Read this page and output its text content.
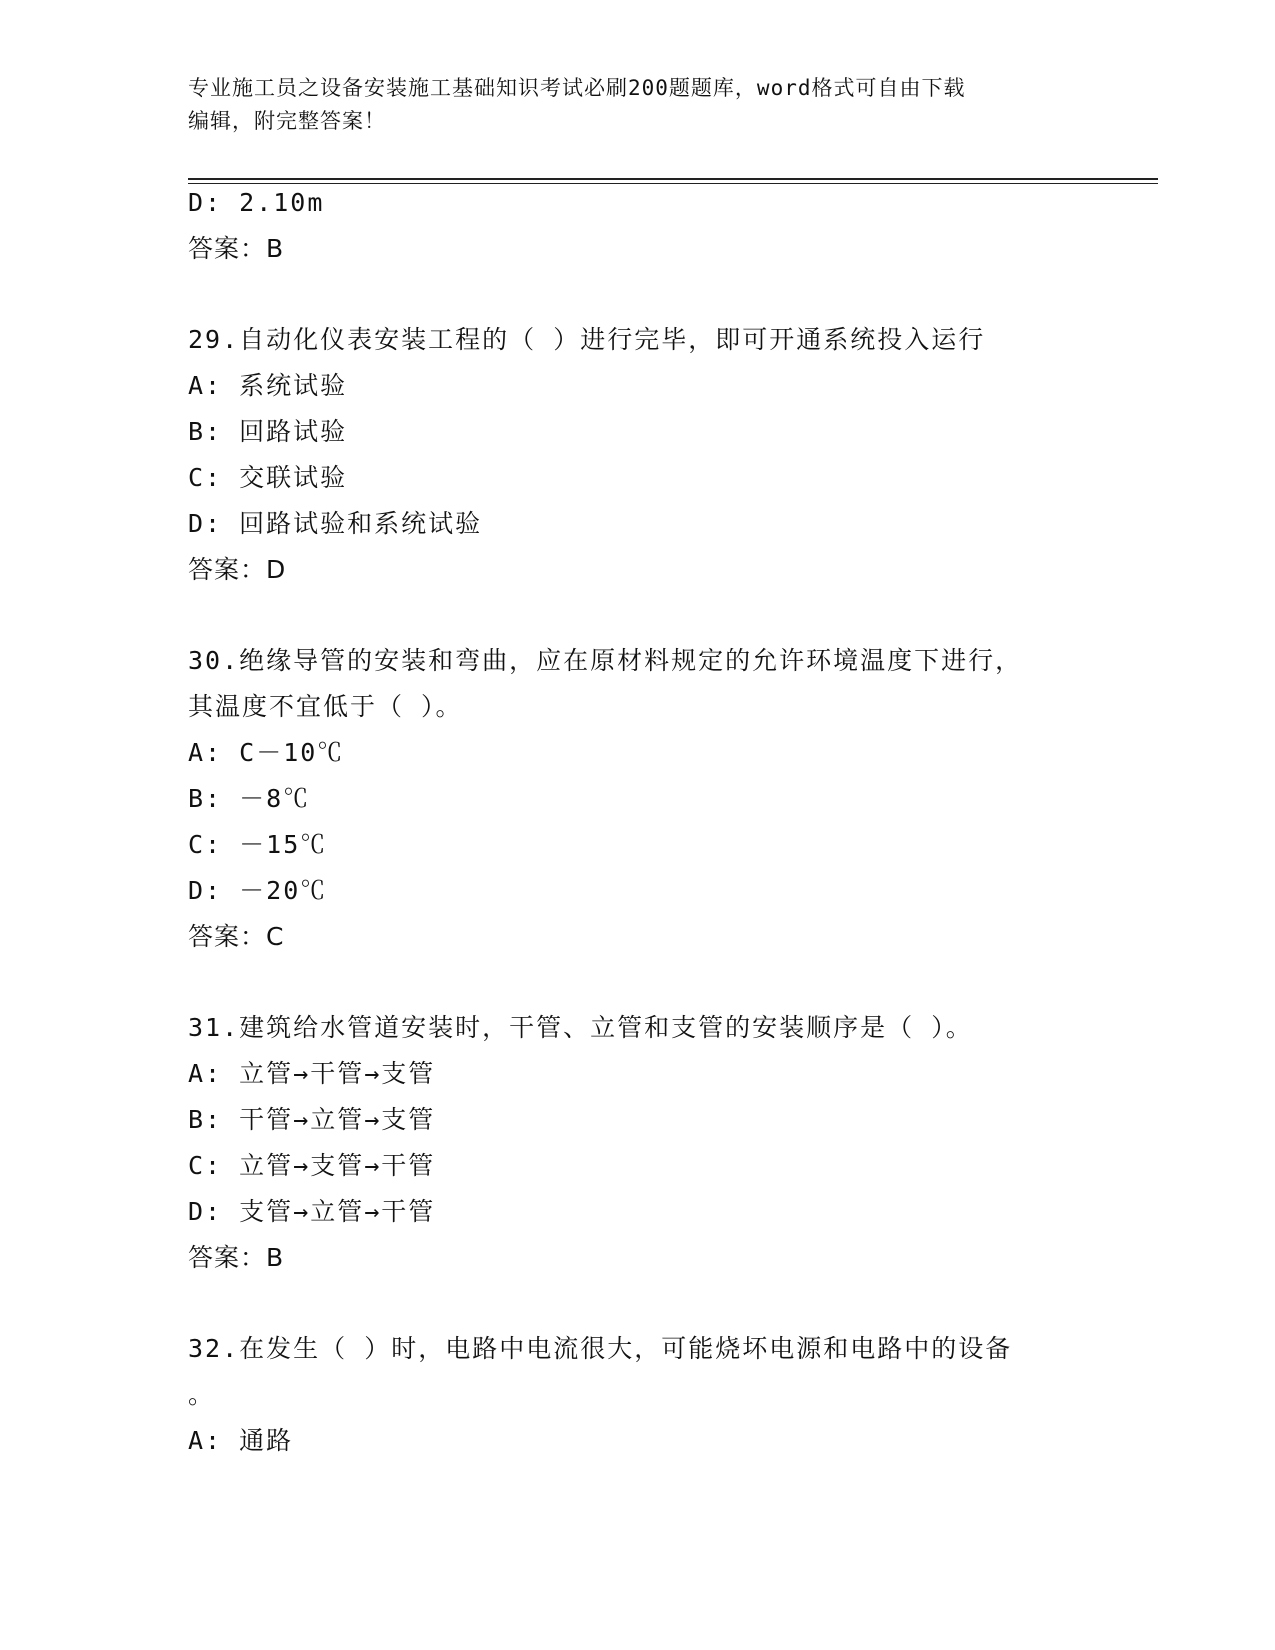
专业施工员之设备安装施工基础知识考试必刷200题题库，word格式可自由下载
编辑，附完整答案！
D: 2.10m
答案：B
29.自动化仪表安装工程的（ ）进行完毕，即可开通系统投入运行
A: 系统试验
B: 回路试验
C: 交联试验
D: 回路试验和系统试验
答案：D
30.绝缘导管的安装和弯曲，应在原材料规定的允许环境温度下进行，
其温度不宜低于（ ）。
A: C－10℃
B: －8℃
C: －15℃
D: －20℃
答案：C
31.建筑给水管道安装时，干管、立管和支管的安装顺序是（ ）。
A: 立管→干管→支管
B: 干管→立管→支管
C: 立管→支管→干管
D: 支管→立管→干管
答案：B
32.在发生（ ）时，电路中电流很大，可能烧坏电源和电路中的设备
。
A: 通路
